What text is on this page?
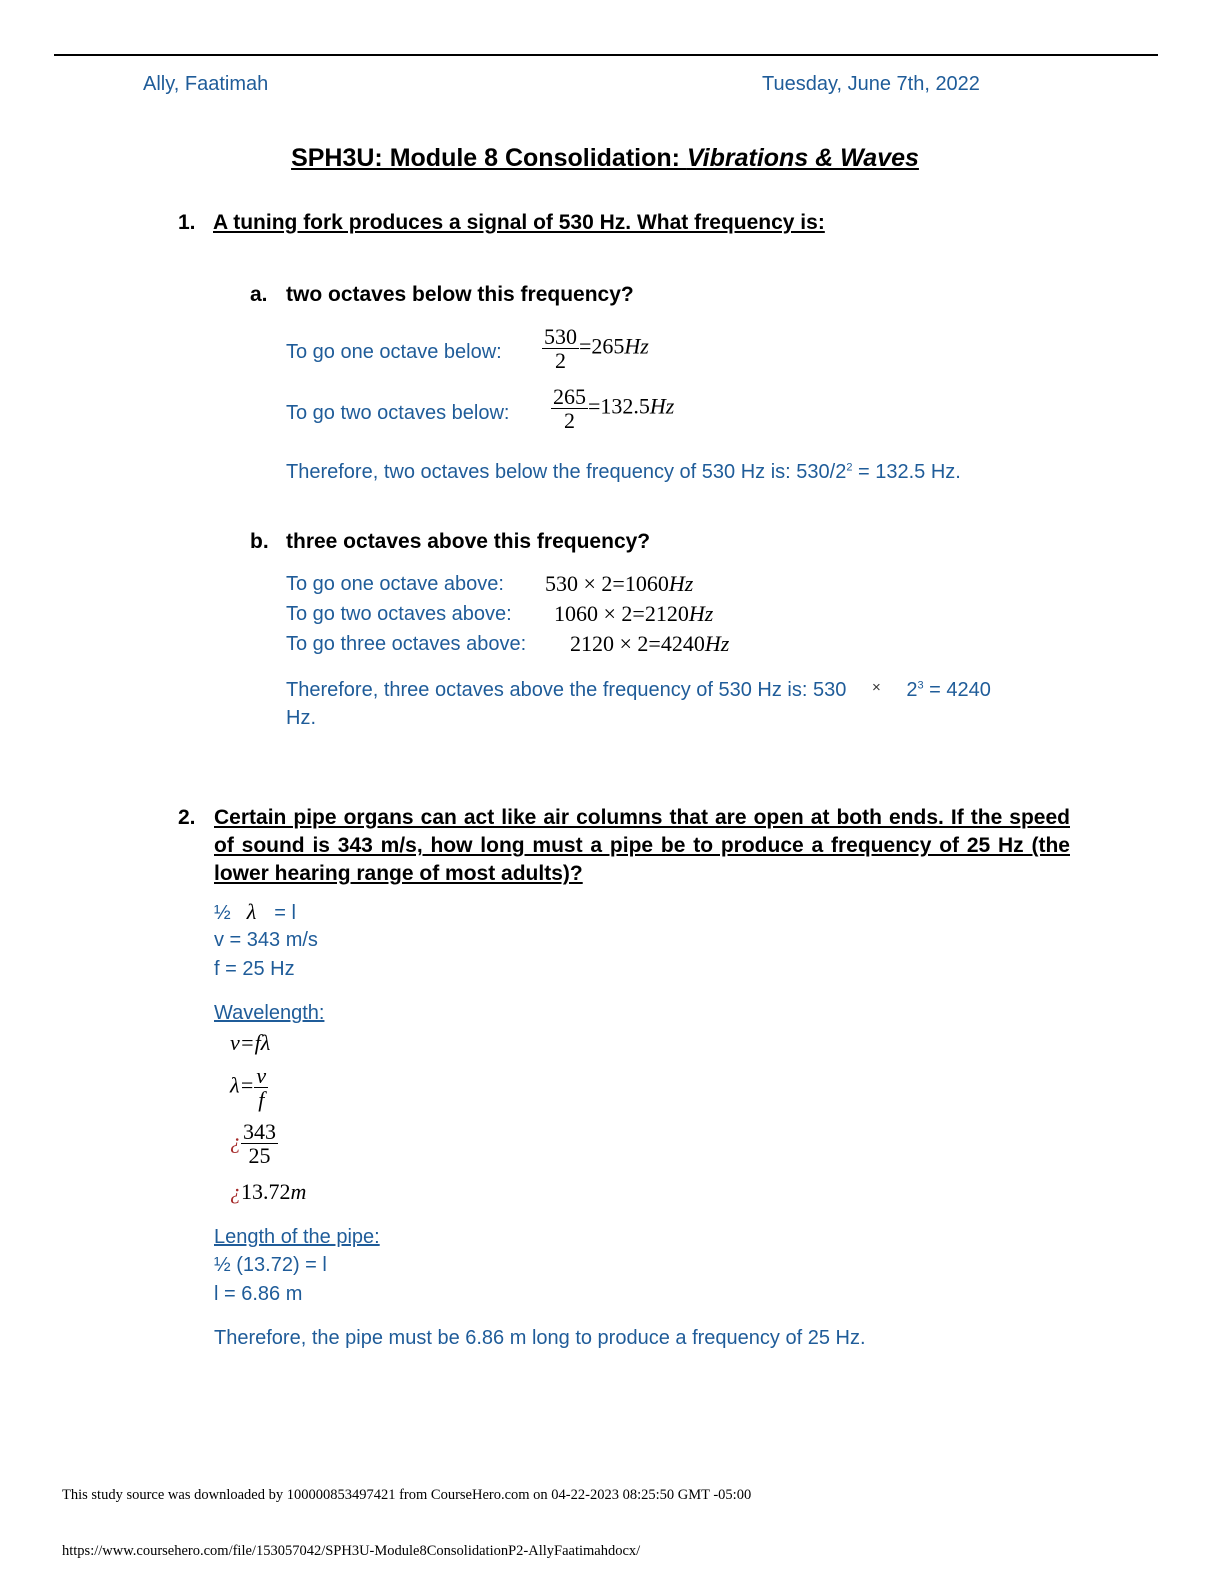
Ally, Faatimah	Tuesday, June 7th, 2022
SPH3U: Module 8 Consolidation: Vibrations & Waves
1. A tuning fork produces a signal of 530 Hz. What frequency is:
a. two octaves below this frequency?
To go one octave below: $\frac{530}{2} =265Hz$
To go two octaves below: $\frac{265}{2} =132.5Hz$
Therefore, two octaves below the frequency of 530 Hz is: $530/2^2 = 132.5$ Hz.
b. three octaves above this frequency?
To go one octave above: 530 × 2=1060Hz
To go two octaves above: 1060 × 2=2120Hz
To go three octaves above: 2120 × 2=4240Hz
Therefore, three octaves above the frequency of 530 Hz is: $530 \times 2^3 = 4240$
Hz.
2. Certain pipe organs can act like air columns that are open at both ends. If the speed of sound is 343 m/s, how long must a pipe be to produce a frequency of 25 Hz (the lower hearing range of most adults)?
½ λ = l
v = 343 m/s
f = 25 Hz
Wavelength:
v=fλ
$\lambda= \frac{v}{f}$
¿ $\frac{343}{25}$
¿13.72m
Length of the pipe:
½ (13.72) = l
l = 6.86 m
Therefore, the pipe must be 6.86 m long to produce a frequency of 25 Hz.
This study source was downloaded by 100000853497421 from CourseHero.com on 04-22-2023 08:25:50 GMT -05:00
https://www.coursehero.com/file/153057042/SPH3U-Module8ConsolidationP2-AllyFaatimahdocx/
